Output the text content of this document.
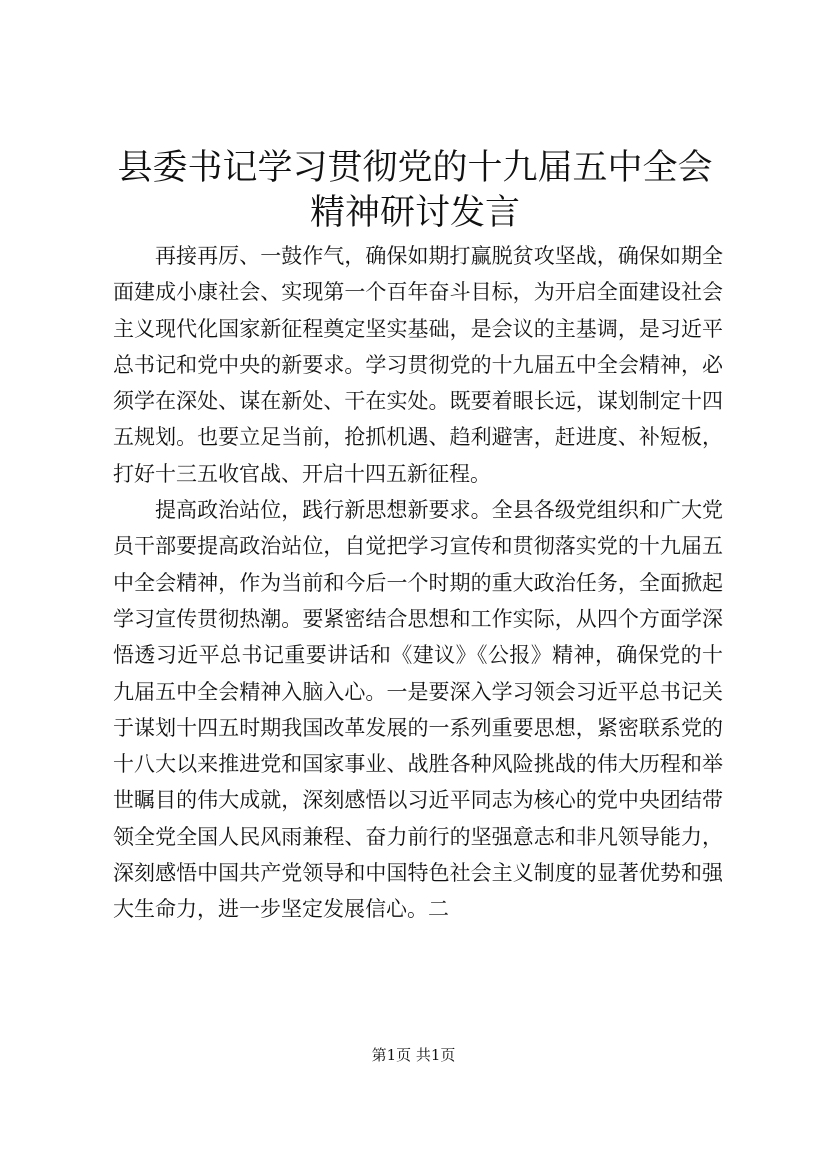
县委书记学习贯彻党的十九届五中全会精神研讨发言

再接再厉、一鼓作气，确保如期打赢脱贫攻坚战，确保如期全面建成小康社会、实现第一个百年奋斗目标，为开启全面建设社会主义现代化国家新征程奠定坚实基础，是会议的主基调，是习近平总书记和党中央的新要求。学习贯彻党的十九届五中全会精神，必须学在深处、谋在新处、干在实处。既要着眼长远，谋划制定十四五规划。也要立足当前，抢抓机遇、趋利避害，赶进度、补短板，打好十三五收官战、开启十四五新征程。

提高政治站位，践行新思想新要求。全县各级党组织和广大党员干部要提高政治站位，自觉把学习宣传和贯彻落实党的十九届五中全会精神，作为当前和今后一个时期的重大政治任务，全面掀起学习宣传贯彻热潮。要紧密结合思想和工作实际，从四个方面学深悟透习近平总书记重要讲话和《建议》《公报》精神，确保党的十九届五中全会精神入脑入心。一是要深入学习领会习近平总书记关于谋划十四五时期我国改革发展的一系列重要思想，紧密联系党的十八大以来推进党和国家事业、战胜各种风险挑战的伟大历程和举世瞩目的伟大成就，深刻感悟以习近平同志为核心的党中央团结带领全党全国人民风雨兼程、奋力前行的坚强意志和非凡领导能力，深刻感悟中国共产党领导和中国特色社会主义制度的显著优势和强大生命力，进一步坚定发展信心。二

第1页 共1页
